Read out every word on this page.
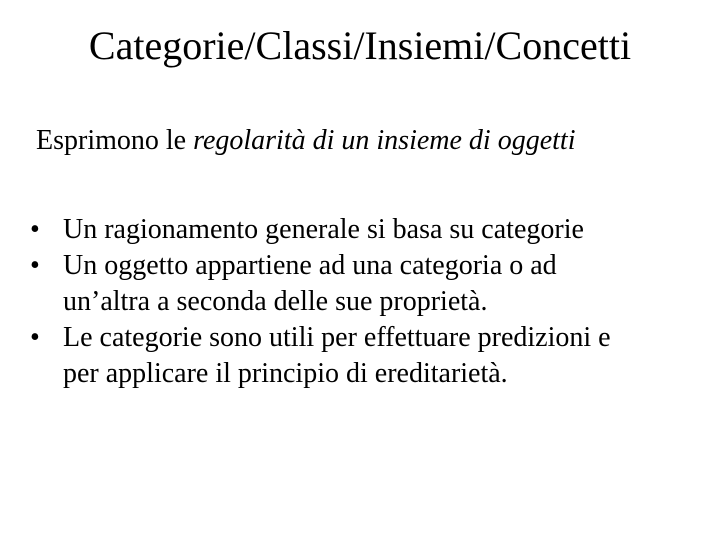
Categorie/Classi/Insiemi/Concetti
Esprimono le regolarità di un insieme di oggetti
• Un ragionamento generale si basa su categorie
• Un oggetto appartiene ad una categoria o ad
un’altra a seconda delle sue proprietà.
• Le categorie sono utili per effettuare predizioni e
per applicare il principio di ereditarietà.
